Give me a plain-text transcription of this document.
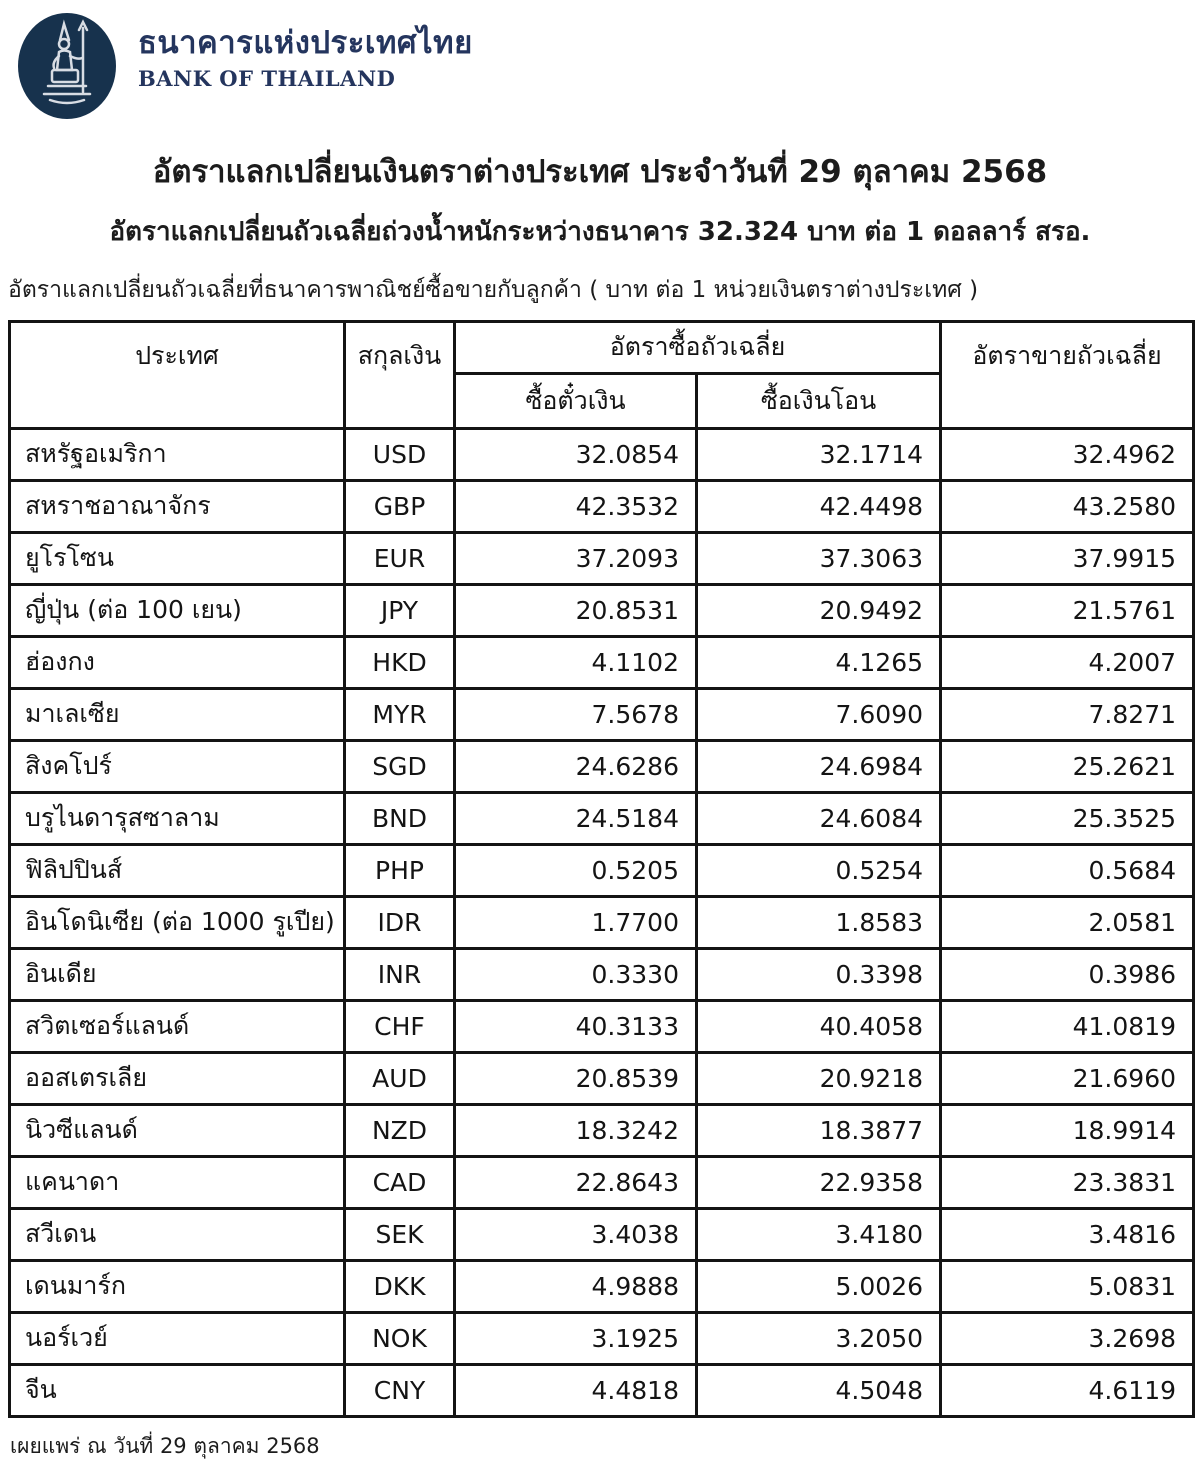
ธนาคารแห่งประเทศไทย
BANK OF THAILAND
อัตราแลกเปลี่ยนเงินตราต่างประเทศ ประจำวันที่ 29 ตุลาคม 2568
อัตราแลกเปลี่ยนถัวเฉลี่ยถ่วงน้ำหนักระหว่างธนาคาร 32.324 บาท ต่อ 1 ดอลลาร์ สรอ.
อัตราแลกเปลี่ยนถัวเฉลี่ยที่ธนาคารพาณิชย์ซื้อขายกับลูกค้า ( บาท ต่อ 1 หน่วยเงินตราต่างประเทศ )
ประเทศ	สกุลเงิน	อัตราซื้อถัวเฉลี่ย		อัตราขายถัวเฉลี่ย
		ซื้อตั๋วเงิน	ซื้อเงินโอน	
สหรัฐอเมริกา	USD	32.0854	32.1714	32.4962
สหราชอาณาจักร	GBP	42.3532	42.4498	43.2580
ยูโรโซน	EUR	37.2093	37.3063	37.9915
ญี่ปุ่น (ต่อ 100 เยน)	JPY	20.8531	20.9492	21.5761
ฮ่องกง	HKD	4.1102	4.1265	4.2007
มาเลเซีย	MYR	7.5678	7.6090	7.8271
สิงคโปร์	SGD	24.6286	24.6984	25.2621
บรูไนดารุสซาลาม	BND	24.5184	24.6084	25.3525
ฟิลิปปินส์	PHP	0.5205	0.5254	0.5684
อินโดนิเซีย (ต่อ 1000 รูเปีย)	IDR	1.7700	1.8583	2.0581
อินเดีย	INR	0.3330	0.3398	0.3986
สวิตเซอร์แลนด์	CHF	40.3133	40.4058	41.0819
ออสเตรเลีย	AUD	20.8539	20.9218	21.6960
นิวซีแลนด์	NZD	18.3242	18.3877	18.9914
แคนาดา	CAD	22.8643	22.9358	23.3831
สวีเดน	SEK	3.4038	3.4180	3.4816
เดนมาร์ก	DKK	4.9888	5.0026	5.0831
นอร์เวย์	NOK	3.1925	3.2050	3.2698
จีน	CNY	4.4818	4.5048	4.6119
เผยแพร่ ณ วันที่ 29 ตุลาคม 2568
